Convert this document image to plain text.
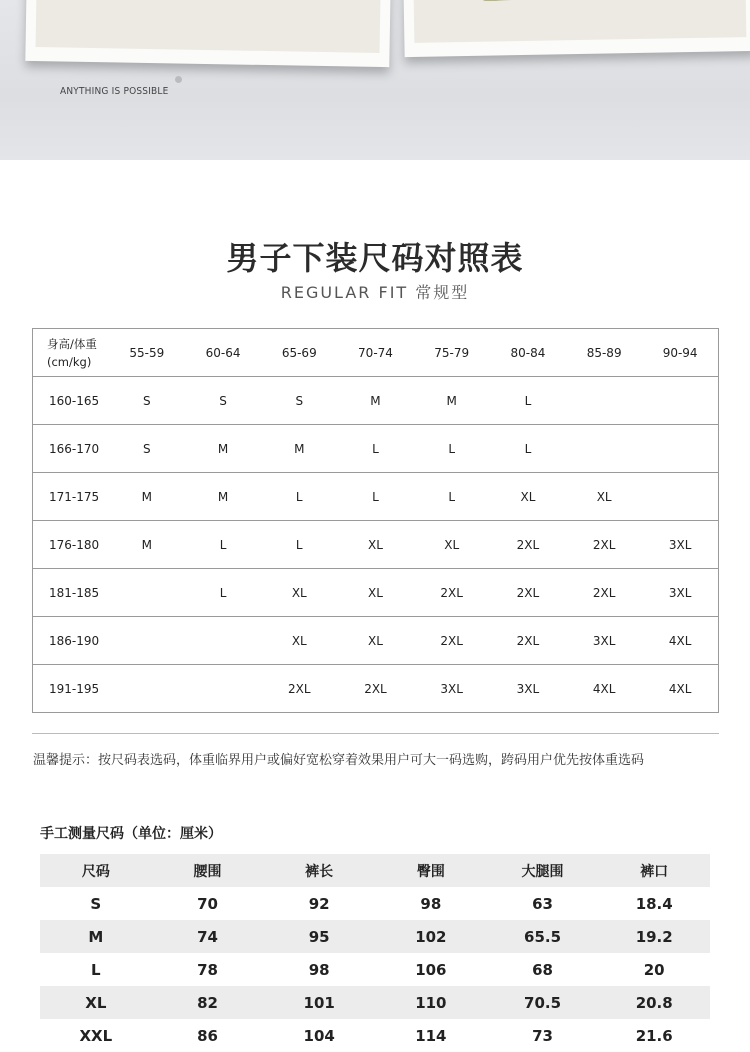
ANYTHING IS POSSIBLE
男子下装尺码对照表
REGULAR FIT 常规型
身高/体重
(cm/kg)	55-59	60-64	65-69	70-74	75-79	80-84	85-89	90-94
160-165	S	S	S	M	M	L		
166-170	S	M	M	L	L	L		
171-175	M	M	L	L	L	XL	XL	
176-180	M	L	L	XL	XL	2XL	2XL	3XL
181-185		L	XL	XL	2XL	2XL	2XL	3XL
186-190			XL	XL	2XL	2XL	3XL	4XL
191-195			2XL	2XL	3XL	3XL	4XL	4XL
温馨提示：按尺码表选码，体重临界用户或偏好宽松穿着效果用户可大一码选购，跨码用户优先按体重选码
手工测量尺码（单位：厘米）
尺码	腰围	裤长	臀围	大腿围	裤口
S	70	92	98	63	18.4
M	74	95	102	65.5	19.2
L	78	98	106	68	20
XL	82	101	110	70.5	20.8
XXL	86	104	114	73	21.6
